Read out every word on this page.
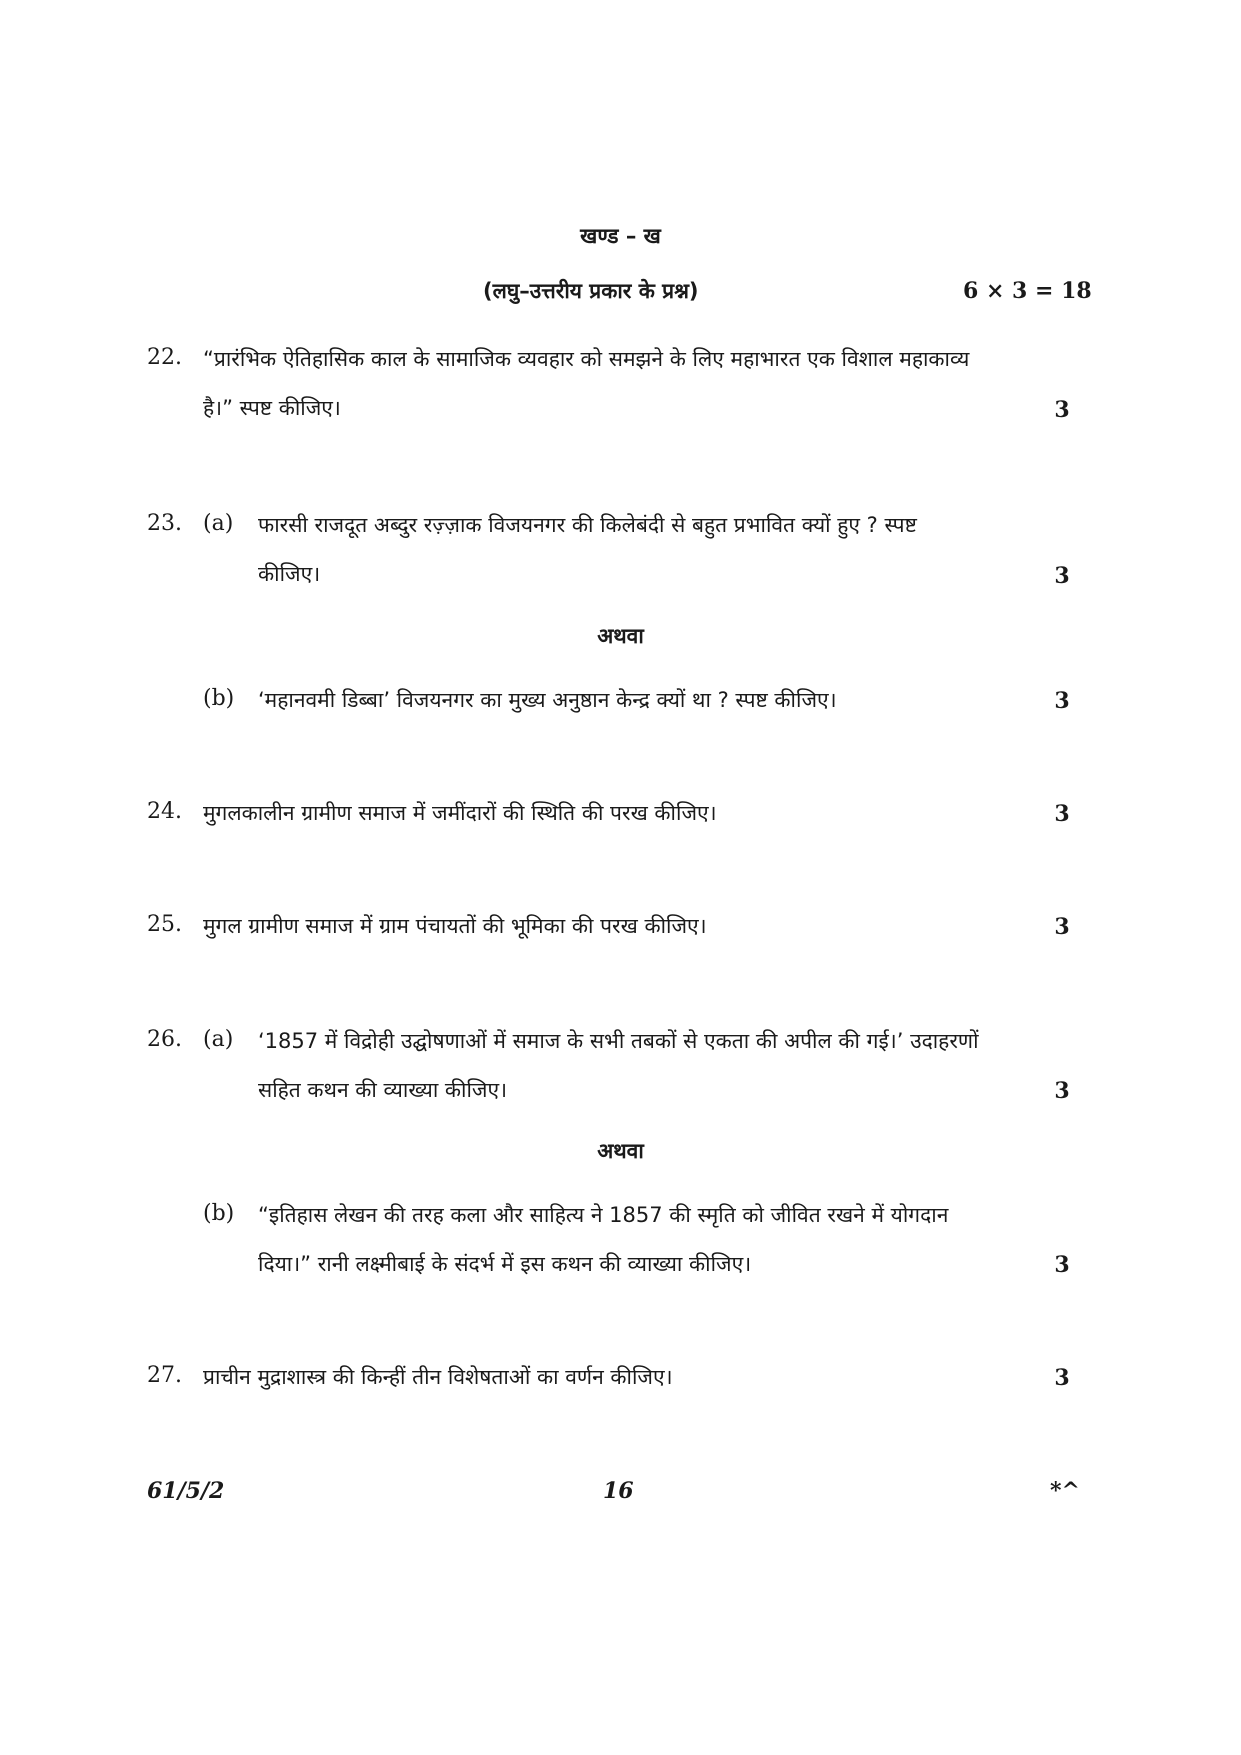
खण्ड – ख
(लघु–उत्तरीय प्रकार के प्रश्न)	6 × 3 = 18
22. “प्रारंभिक ऐतिहासिक काल के सामाजिक व्यवहार को समझने के लिए महाभारत एक विशाल महाकाव्य
है।” स्पष्ट कीजिए।	3
23. (a) फारसी राजदूत अब्दुर रज़्ज़ाक विजयनगर की किलेबंदी से बहुत प्रभावित क्यों हुए ? स्पष्ट
कीजिए।	3
अथवा
(b) ‘महानवमी डिब्बा’ विजयनगर का मुख्य अनुष्ठान केन्द्र क्यों था ? स्पष्ट कीजिए।	3
24. मुगलकालीन ग्रामीण समाज में जमींदारों की स्थिति की परख कीजिए।	3
25. मुगल ग्रामीण समाज में ग्राम पंचायतों की भूमिका की परख कीजिए।	3
26. (a) ‘1857 में विद्रोही उद्घोषणाओं में समाज के सभी तबकों से एकता की अपील की गई।’ उदाहरणों
सहित कथन की व्याख्या कीजिए।	3
अथवा
(b) “इतिहास लेखन की तरह कला और साहित्य ने 1857 की स्मृति को जीवित रखने में योगदान
दिया।” रानी लक्ष्मीबाई के संदर्भ में इस कथन की व्याख्या कीजिए।	3
27. प्राचीन मुद्राशास्त्र की किन्हीं तीन विशेषताओं का वर्णन कीजिए।	3
61/5/2	16	*^
